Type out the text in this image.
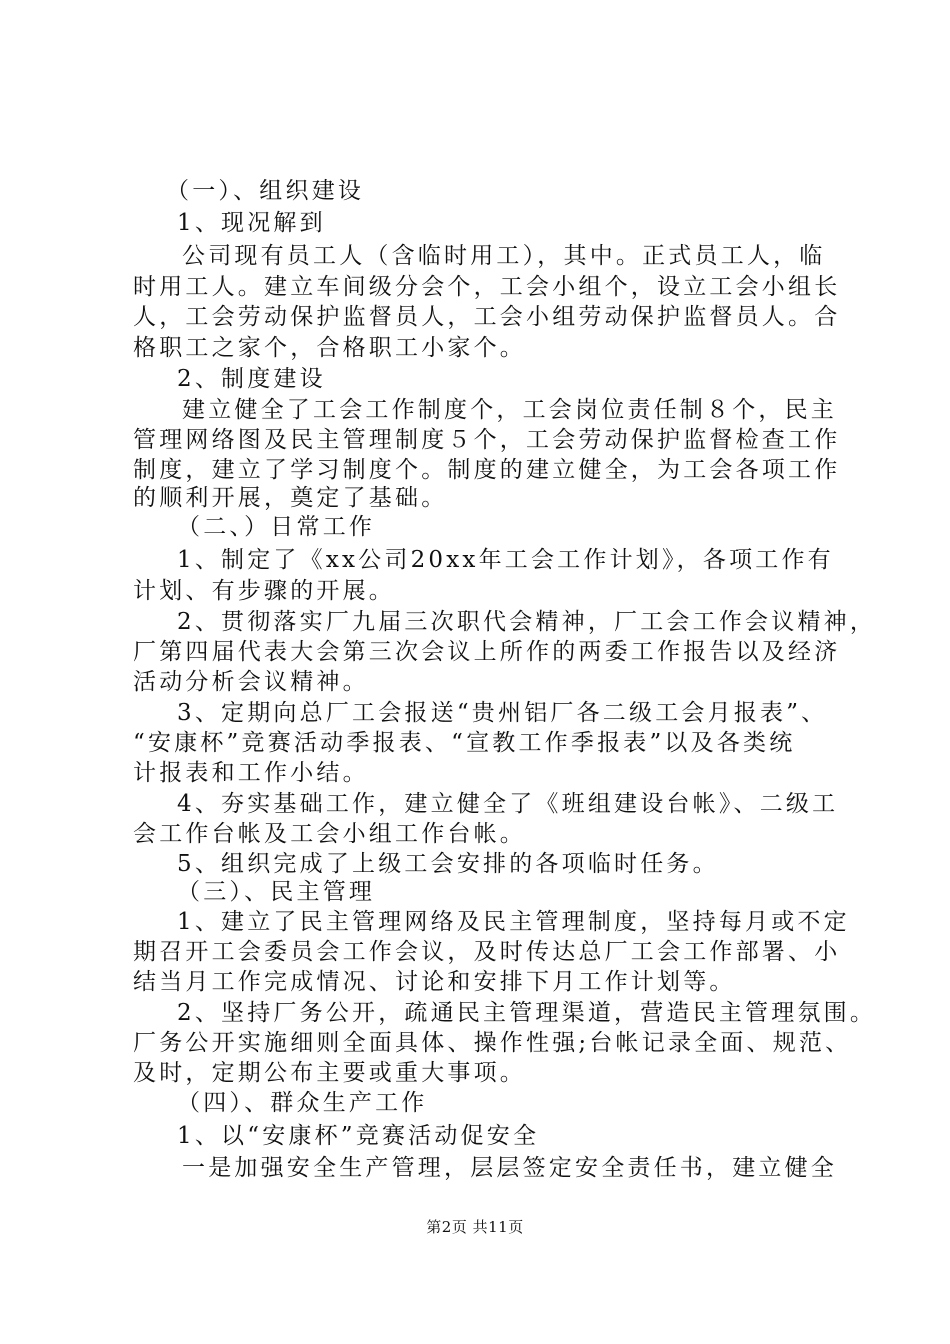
（一）、组织建设
1、现况解到
公司现有员工人（含临时用工），其中。正式员工人，临
时用工人。建立车间级分会个，工会小组个，设立工会小组长
人，工会劳动保护监督员人，工会小组劳动保护监督员人。合
格职工之家个，合格职工小家个。
2、制度建设
建立健全了工会工作制度个，工会岗位责任制８个，民主
管理网络图及民主管理制度５个，工会劳动保护监督检查工作
制度，建立了学习制度个。制度的建立健全，为工会各项工作
的顺利开展，奠定了基础。
（二、）日常工作
1、制定了《xx公司20xx年工会工作计划》，各项工作有
计划、有步骤的开展。
2、贯彻落实厂九届三次职代会精神，厂工会工作会议精神，
厂第四届代表大会第三次会议上所作的两委工作报告以及经济
活动分析会议精神。
3、定期向总厂工会报送“贵州铝厂各二级工会月报表”、
“安康杯”竞赛活动季报表、“宣教工作季报表”以及各类统
计报表和工作小结。
4、夯实基础工作，建立健全了《班组建设台帐》、二级工
会工作台帐及工会小组工作台帐。
5、组织完成了上级工会安排的各项临时任务。
（三）、民主管理
1、建立了民主管理网络及民主管理制度，坚持每月或不定
期召开工会委员会工作会议，及时传达总厂工会工作部署、小
结当月工作完成情况、讨论和安排下月工作计划等。
2、坚持厂务公开，疏通民主管理渠道，营造民主管理氛围。
厂务公开实施细则全面具体、操作性强;台帐记录全面、规范、
及时，定期公布主要或重大事项。
（四）、群众生产工作
1、以“安康杯”竞赛活动促安全
一是加强安全生产管理，层层签定安全责任书，建立健全
第2页 共11页
